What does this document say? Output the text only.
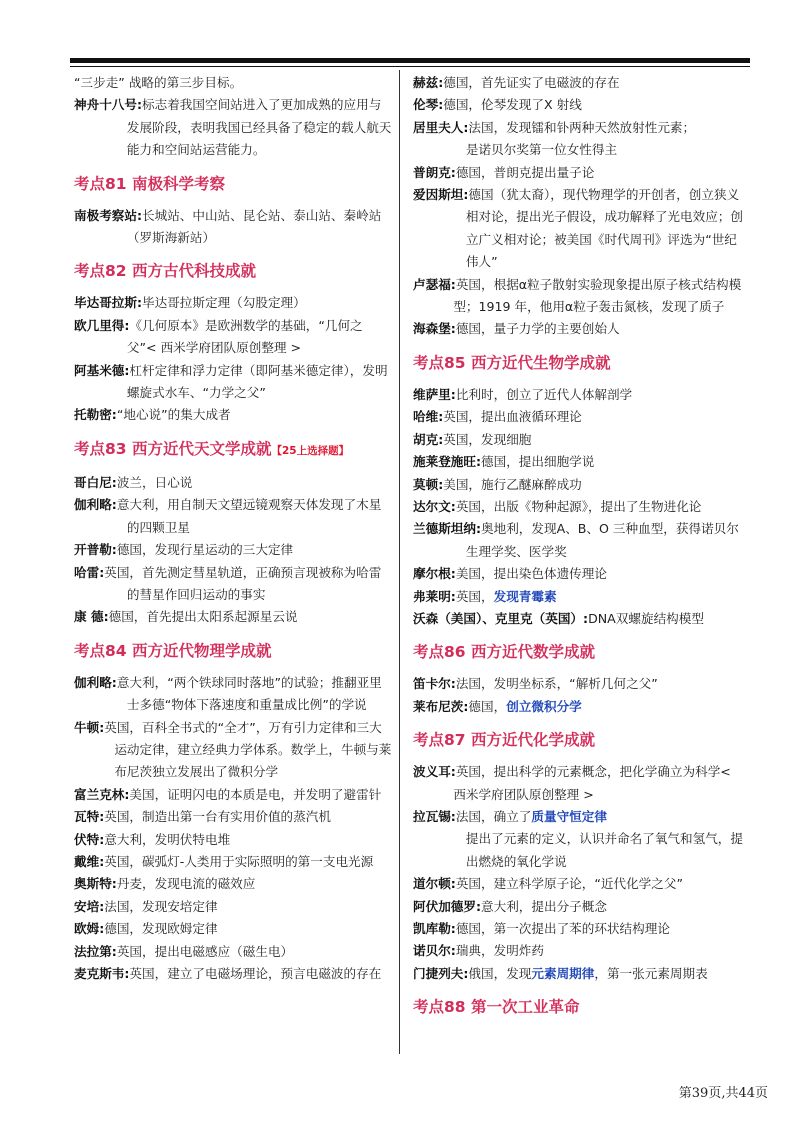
“三步走” 战略的第三步目标。

神舟十八号:标志着我国空间站进入了更加成熟的应用与发展阶段，表明我国已经具备了稳定的载人航天能力和空间站运营能力。

考点81 南极科学考察

南极考察站:长城站、中山站、昆仑站、泰山站、秦岭站（罗斯海新站）

考点82 西方古代科技成就

毕达哥拉斯:毕达哥拉斯定理（勾股定理）

欧几里得:《几何原本》是欧洲数学的基础，“几何之父”< 西米学府团队原创整理 >

阿基米德:杠杆定律和浮力定律（即阿基米德定律），发明螺旋式水车、“力学之父”

托勒密:“地心说”的集大成者

考点83 西方近代天文学成就【25上选择题】

哥白尼:波兰，日心说

伽利略:意大利，用自制天文望远镜观察天体发现了木星的四颗卫星

开普勒:德国，发现行星运动的三大定律

哈雷:英国，首先测定彗星轨道，正确预言现被称为哈雷的彗星作回归运动的事实

康 德:德国，首先提出太阳系起源星云说

考点84 西方近代物理学成就

伽利略:意大利，“两个铁球同时落地”的试验；推翻亚里士多德“物体下落速度和重量成比例”的学说

牛顿:英国，百科全书式的“全才”，万有引力定律和三大运动定律，建立经典力学体系。数学上，牛顿与莱布尼茨独立发展出了微积分学

富兰克林:美国，证明闪电的本质是电，并发明了避雷针

瓦特:英国，制造出第一台有实用价值的蒸汽机

伏特:意大利，发明伏特电堆

戴维:英国，碳弧灯-人类用于实际照明的第一支电光源

奥斯特:丹麦，发现电流的磁效应

安培:法国，发现安培定律

欧姆:德国，发现欧姆定律

法拉第:英国，提出电磁感应（磁生电）

麦克斯韦:英国，建立了电磁场理论，预言电磁波的存在

赫兹:德国，首先证实了电磁波的存在

伦琴:德国，伦琴发现了X 射线

居里夫人:法国，发现镭和钋两种天然放射性元素；

是诺贝尔奖第一位女性得主

普朗克:德国，普朗克提出量子论

爱因斯坦:德国（犹太裔），现代物理学的开创者，创立狭义相对论，提出光子假设，成功解释了光电效应；创立广义相对论；被美国《时代周刊》评选为“世纪伟人”

卢瑟福:英国，根据α粒子散射实验现象提出原子核式结构模型；1919 年，他用α粒子轰击氮核，发现了质子

海森堡:德国，量子力学的主要创始人

考点85 西方近代生物学成就

维萨里:比利时，创立了近代人体解剖学

哈维:英国，提出血液循环理论

胡克:英国，发现细胞

施莱登施旺:德国，提出细胞学说

莫顿:美国，施行乙醚麻醉成功

达尔文:英国，出版《物种起源》，提出了生物进化论

兰德斯坦纳:奥地利，发现A、B、O 三种血型，获得诺贝尔生理学奖、医学奖

摩尔根:美国，提出染色体遗传理论

弗莱明:英国，发现青霉素

沃森（美国）、克里克（英国）:DNA双螺旋结构模型

考点86 西方近代数学成就

笛卡尔:法国，发明坐标系，“解析几何之父”

莱布尼茨:德国，创立微积分学

考点87 西方近代化学成就

波义耳:英国，提出科学的元素概念，把化学确立为科学< 西米学府团队原创整理 >

拉瓦锡:法国，确立了质量守恒定律

提出了元素的定义，认识并命名了氧气和氢气，提出燃烧的氧化学说

道尔顿:英国，建立科学原子论，“近代化学之父”

阿伏加德罗:意大利，提出分子概念

凯库勒:德国，第一次提出了苯的环状结构理论

诺贝尔:瑞典，发明炸药

门捷列夫:俄国，发现元素周期律，第一张元素周期表

考点88 第一次工业革命
第39页,共44页
